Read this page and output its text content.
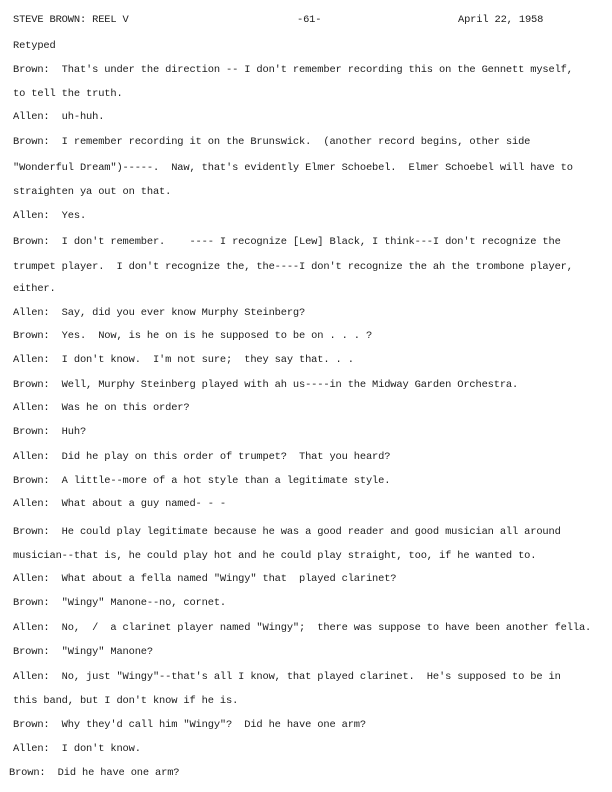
STEVE BROWN: REEL V	-61-	April 22, 1958
Retyped
Brown:  That's under the direction -- I don't remember recording this on the Gennett myself,
to tell the truth.
Allen:  uh-huh.
Brown:  I remember recording it on the Brunswick.  (another record begins, other side
"Wonderful Dream")-----.  Naw, that's evidently Elmer Schoebel.  Elmer Schoebel will have to
straighten ya out on that.
Allen:  Yes.
Brown:  I don't remember.    ---- I recognize [Lew] Black, I think---I don't recognize the
trumpet player.  I don't recognize the, the----I don't recognize the ah the trombone player,
either.
Allen:  Say, did you ever know Murphy Steinberg?
Brown:  Yes.  Now, is he on is he supposed to be on . . . ?
Allen:  I don't know.  I'm not sure;  they say that. . .
Brown:  Well, Murphy Steinberg played with ah us----in the Midway Garden Orchestra.
Allen:  Was he on this order?
Brown:  Huh?
Allen:  Did he play on this order of trumpet?  That you heard?
Brown:  A little--more of a hot style than a legitimate style.
Allen:  What about a guy named- - -
Brown:  He could play legitimate because he was a good reader and good musician all around
musician--that is, he could play hot and he could play straight, too, if he wanted to.
Allen:  What about a fella named "Wingy" that  played clarinet?
Brown:  "Wingy" Manone--no, cornet.
Allen:  No,  /  a clarinet player named "Wingy";  there was suppose to have been another fella.
Brown:  "Wingy" Manone?
Allen:  No, just "Wingy"--that's all I know, that played clarinet.  He's supposed to be in
this band, but I don't know if he is.
Brown:  Why they'd call him "Wingy"?  Did he have one arm?
Allen:  I don't know.
Brown:  Did he have one arm?
